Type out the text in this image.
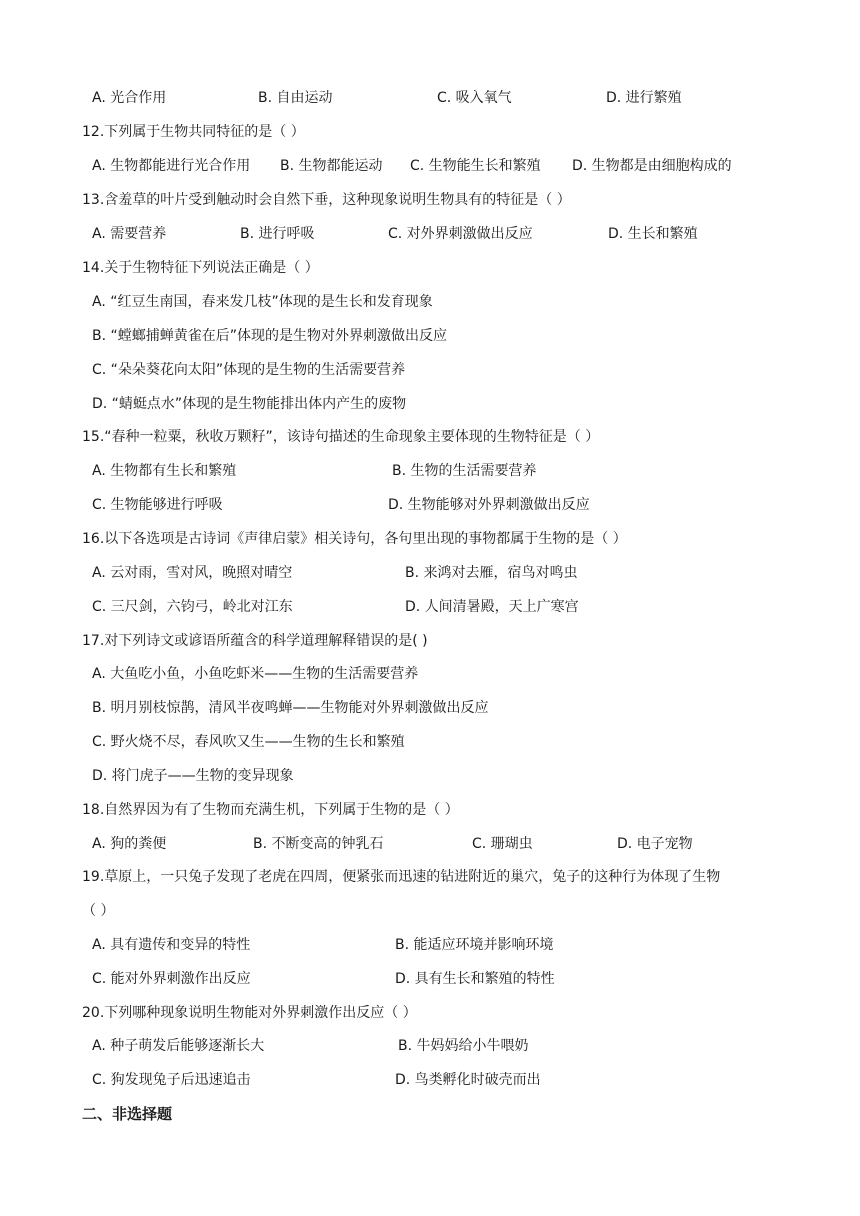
A. 光合作用	B. 自由运动	C. 吸入氧气	D. 进行繁殖
12.下列属于生物共同特征的是（ ）
A. 生物都能进行光合作用 B. 生物都能运动 C. 生物能生长和繁殖 D. 生物都是由细胞构成的
13.含羞草的叶片受到触动时会自然下垂，这种现象说明生物具有的特征是（ ）
A. 需要营养	B. 进行呼吸	C. 对外界刺激做出反应	D. 生长和繁殖
14.关于生物特征下列说法正确是（ ）
A. “红豆生南国，春来发几枝”体现的是生长和发育现象
B. “螳螂捕蝉黄雀在后”体现的是生物对外界刺激做出反应
C. “朵朵葵花向太阳”体现的是生物的生活需要营养
D. “蜻蜓点水”体现的是生物能排出体内产生的废物
15.“春种一粒粟，秋收万颗籽”，该诗句描述的生命现象主要体现的生物特征是（ ）
A. 生物都有生长和繁殖	B. 生物的生活需要营养
C. 生物能够进行呼吸	D. 生物能够对外界刺激做出反应
16.以下各选项是古诗词《声律启蒙》相关诗句，各句里出现的事物都属于生物的是（ ）
A. 云对雨，雪对风，晚照对晴空	B. 来鸿对去雁，宿鸟对鸣虫
C. 三尺剑，六钧弓，岭北对江东	D. 人间清暑殿，天上广寒宫
17.对下列诗文或谚语所蕴含的科学道理解释错误的是( )
A. 大鱼吃小鱼，小鱼吃虾米——生物的生活需要营养
B. 明月别枝惊鹊，清风半夜鸣蝉——生物能对外界刺激做出反应
C. 野火烧不尽，春风吹又生——生物的生长和繁殖
D. 将门虎子——生物的变异现象
18.自然界因为有了生物而充满生机，下列属于生物的是（ ）
A. 狗的粪便	B. 不断变高的钟乳石	C. 珊瑚虫	D. 电子宠物
19.草原上，一只兔子发现了老虎在四周，便紧张而迅速的钻进附近的巢穴，兔子的这种行为体现了生物
（ ）
A. 具有遗传和变异的特性	B. 能适应环境并影响环境
C. 能对外界刺激作出反应	D. 具有生长和繁殖的特性
20.下列哪种现象说明生物能对外界刺激作出反应（ ）
A. 种子萌发后能够逐渐长大	B. 牛妈妈给小牛喂奶
C. 狗发现兔子后迅速追击	D. 鸟类孵化时破壳而出
二、非选择题
